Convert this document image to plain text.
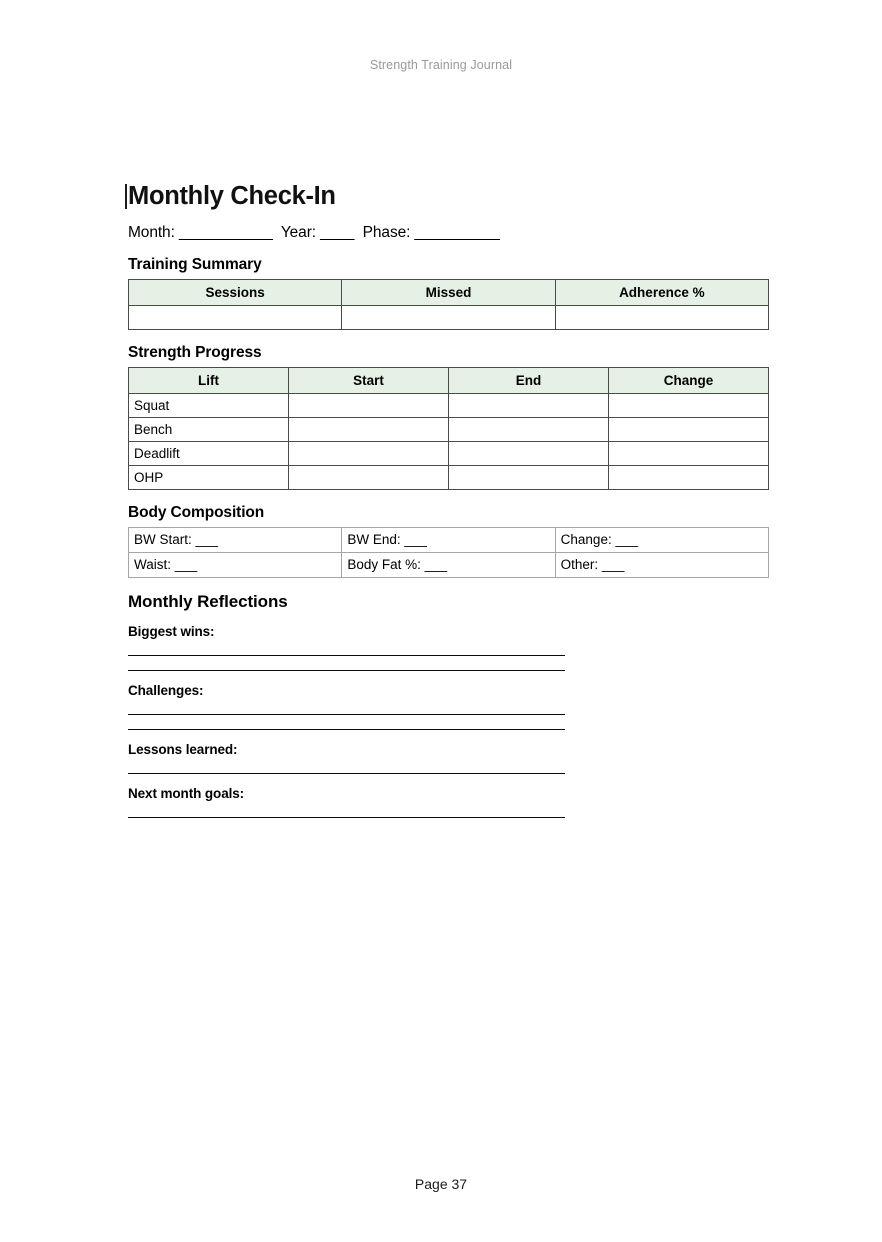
Strength Training Journal
Monthly Check-In
Month: ___________  Year: ____  Phase: __________
Training Summary
Sessions	Missed	Adherence %

Strength Progress
Lift	Start	End	Change
Squat			
Bench			
Deadlift			
OHP			
Body Composition
BW Start: ___	BW End: ___	Change: ___
Waist: ___	Body Fat %: ___	Other: ___
Monthly Reflections
Biggest wins:
Challenges:
Lessons learned:
Next month goals:
Page 37
